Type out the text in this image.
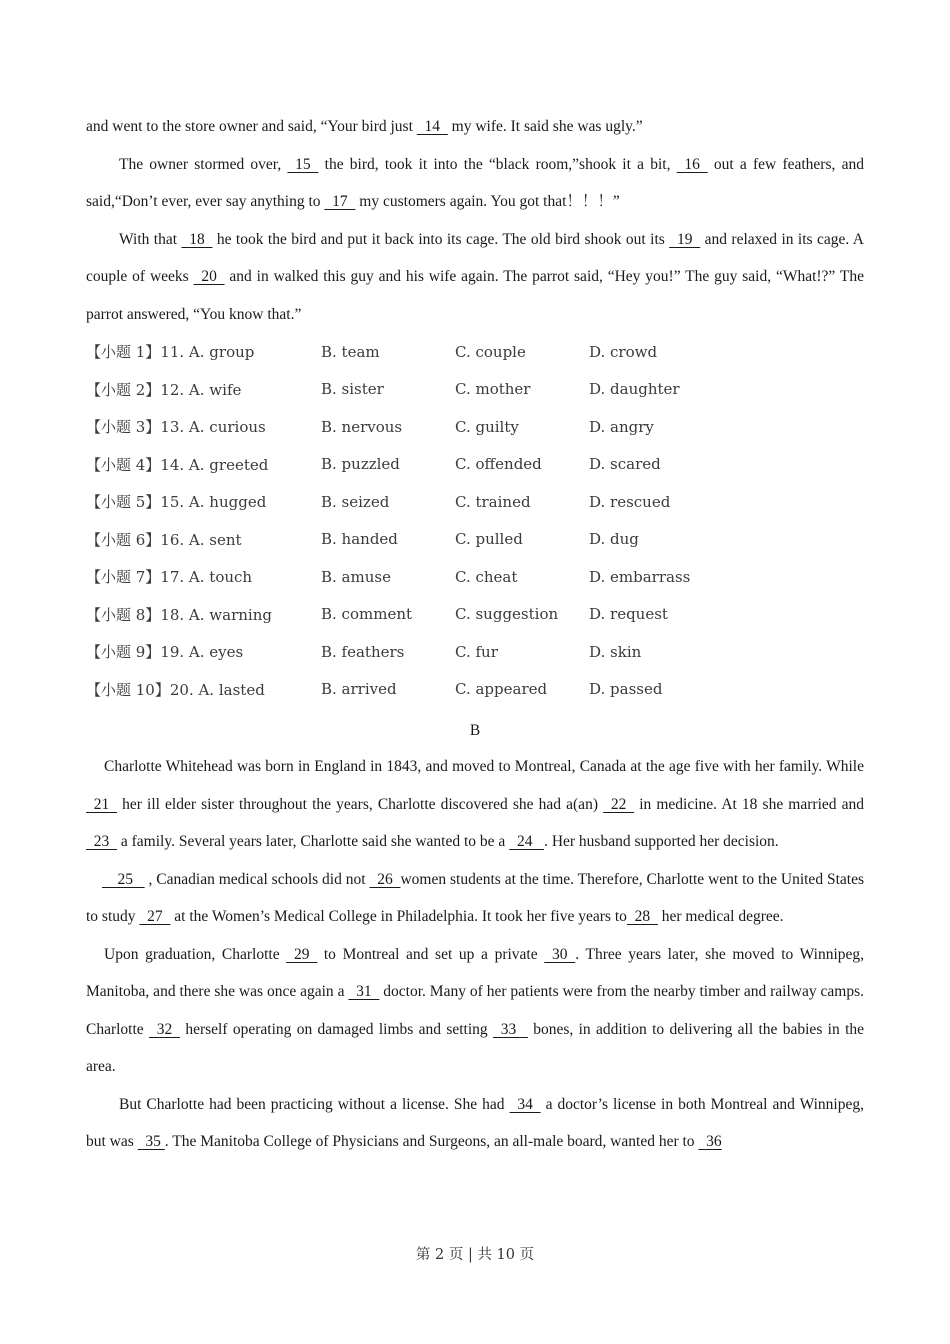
and went to the store owner and said, “Your bird just   14   my wife. It said she was ugly.”

The owner stormed over,   15   the bird, took it into the “black room,”shook it a bit,   16   out a few feathers, and said,“Don’t ever, ever say anything to   17   my customers again. You got that！！！”

With that   18   he took the bird and put it back into its cage. The old bird shook out its   19   and relaxed in its cage. A couple of weeks   20   and in walked this guy and his wife again. The parrot said, “Hey you!” The guy said, “What!?” The parrot answered, “You know that.”

【小题 1】11. A. group	B. team	C. couple	D. crowd
【小题 2】12. A. wife	B. sister	C. mother	D. daughter
【小题 3】13. A. curious	B. nervous	C. guilty	D. angry
【小题 4】14. A. greeted	B. puzzled	C. offended	D. scared
【小题 5】15. A. hugged	B. seized	C. trained	D. rescued
【小题 6】16. A. sent	B. handed	C. pulled	D. dug
【小题 7】17. A. touch	B. amuse	C. cheat	D. embarrass
【小题 8】18. A. warning	B. comment	C. suggestion	D. request
【小题 9】19. A. eyes	B. feathers	C. fur	D. skin
【小题 10】20. A. lasted	B. arrived	C. appeared	D. passed
B

Charlotte Whitehead was born in England in 1843, and moved to Montreal, Canada at the age five with her family. While   21   her ill elder sister throughout the years, Charlotte discovered she had a(an)   22   in medicine. At 18 she married and   23   a family. Several years later, Charlotte said she wanted to be a   24   . Her husband supported her decision.

25    , Canadian medical schools did not   26  women students at the time. Therefore, Charlotte went to the United States to study   27   at the Women’s Medical College in Philadelphia. It took her five years to  28   her medical degree.

Upon graduation, Charlotte   29   to Montreal and set up a private   30  . Three years later, she moved to Winnipeg, Manitoba, and there she was once again a   31   doctor. Many of her patients were from the nearby timber and railway camps. Charlotte   32   herself operating on damaged limbs and setting   33    bones, in addition to delivering all the babies in the area.

But Charlotte had been practicing without a license. She had   34   a doctor’s license in both Montreal and Winnipeg, but was   35 . The Manitoba College of Physicians and Surgeons, an all-male board, wanted her to   36

第 2 页 | 共 10 页
